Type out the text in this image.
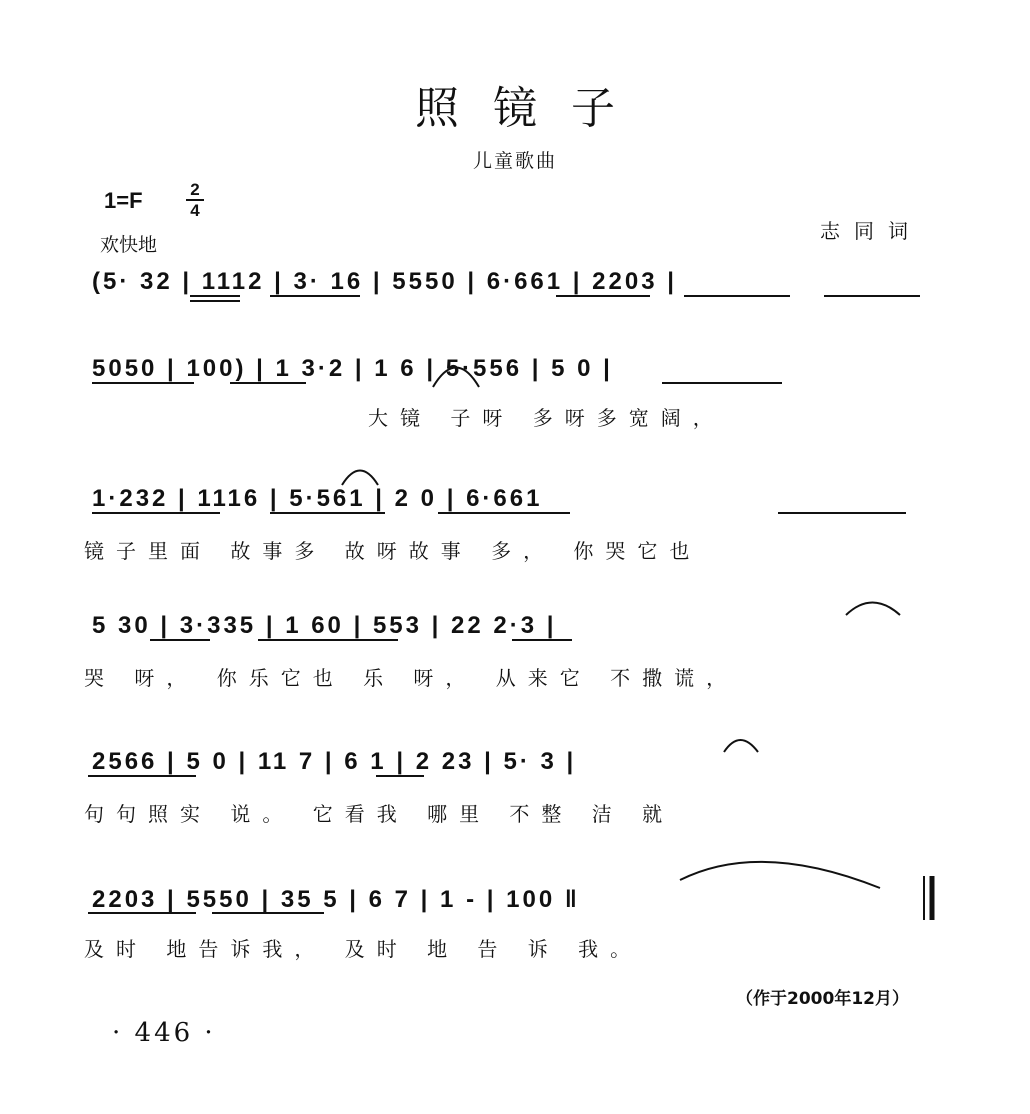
照镜子
儿童歌曲
1=F	$\frac{2}{4}$
欢快地
志同词
(5· 32 | 1112 | 3· 16 | 5550 | 6·661 | 2203 |
5050 | 100) | 1 3·2 | 1 6 | 5·556 | 5 0 |
大镜 子呀 多呀多宽阔，
1·232 | 1116 | 5·561 | 2 0 | 6·661
镜子里面 故事多 故呀故事 多， 你哭它也
5 30 | 3·335 | 1 60 | 553 | 22 2·3 |
哭 呀， 你乐它也 乐 呀， 从来它 不撒谎，
2566 | 5 0 | 11 7 | 6 1 | 2 23 | 5· 3 |
句句照实 说。 它看我 哪里 不整 洁 就
2203 | 5550 | 35 5 | 6 7 | 1 - | 100 ‖
及时 地告诉我， 及时 地 告 诉 我。
（作于2000年12月）
· 446 ·
